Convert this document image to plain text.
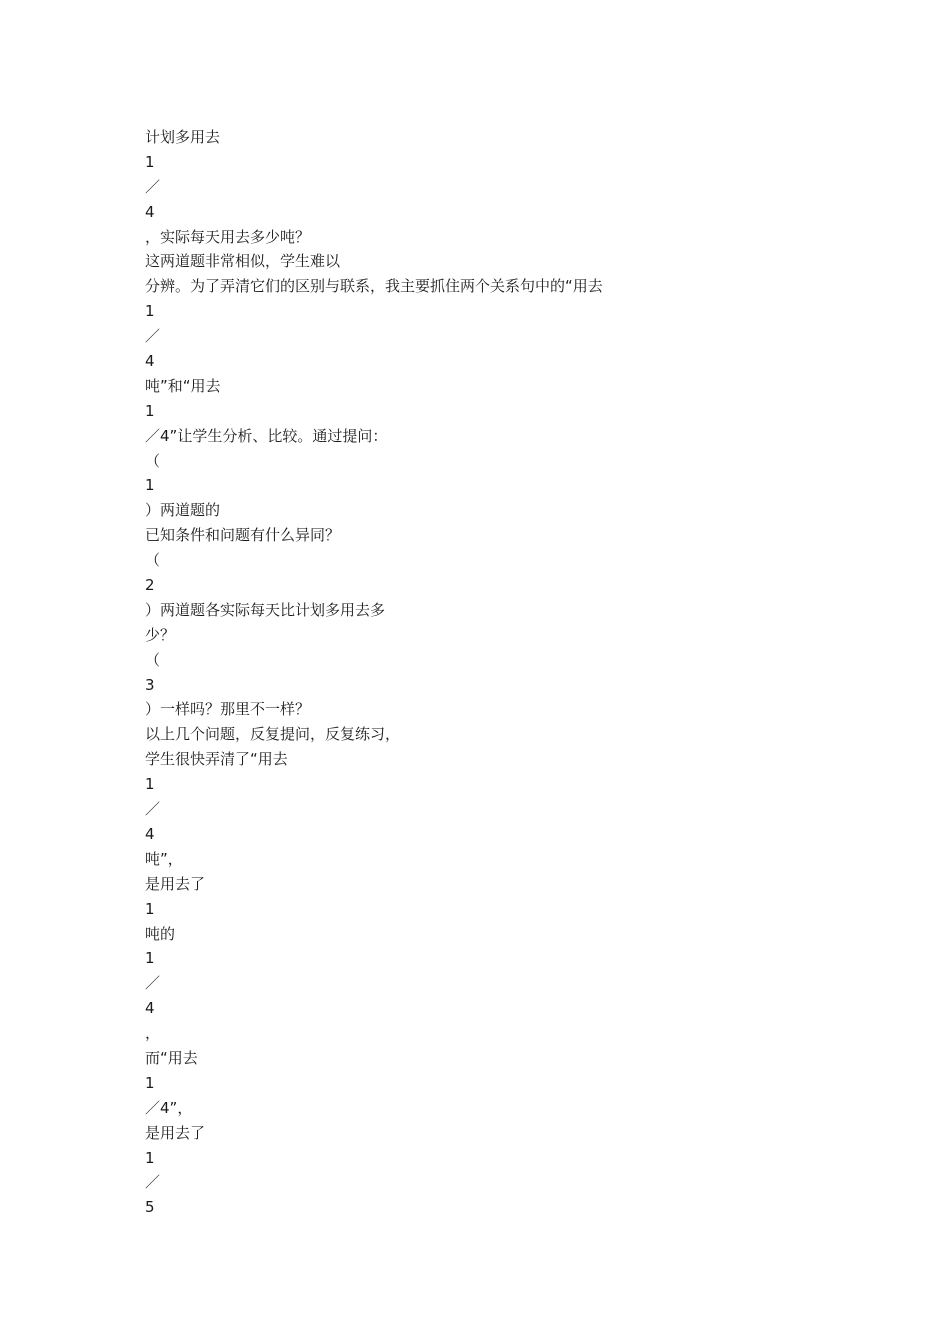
计划多用去
1
／
4
，实际每天用去多少吨？
这两道题非常相似，学生难以
分辨。为了弄清它们的区别与联系，我主要抓住两个关系句中的“用去
1
／
4
吨”和“用去
1
／4”让学生分析、比较。通过提问：
（
1
）两道题的
已知条件和问题有什么异同？
（
2
）两道题各实际每天比计划多用去多
少？
（
3
）一样吗？那里不一样？
以上几个问题，反复提问，反复练习，
学生很快弄清了“用去
1
／
4
吨”，
是用去了
1
吨的
1
／
4
，
而“用去
1
／4”，
是用去了
1
／
5
